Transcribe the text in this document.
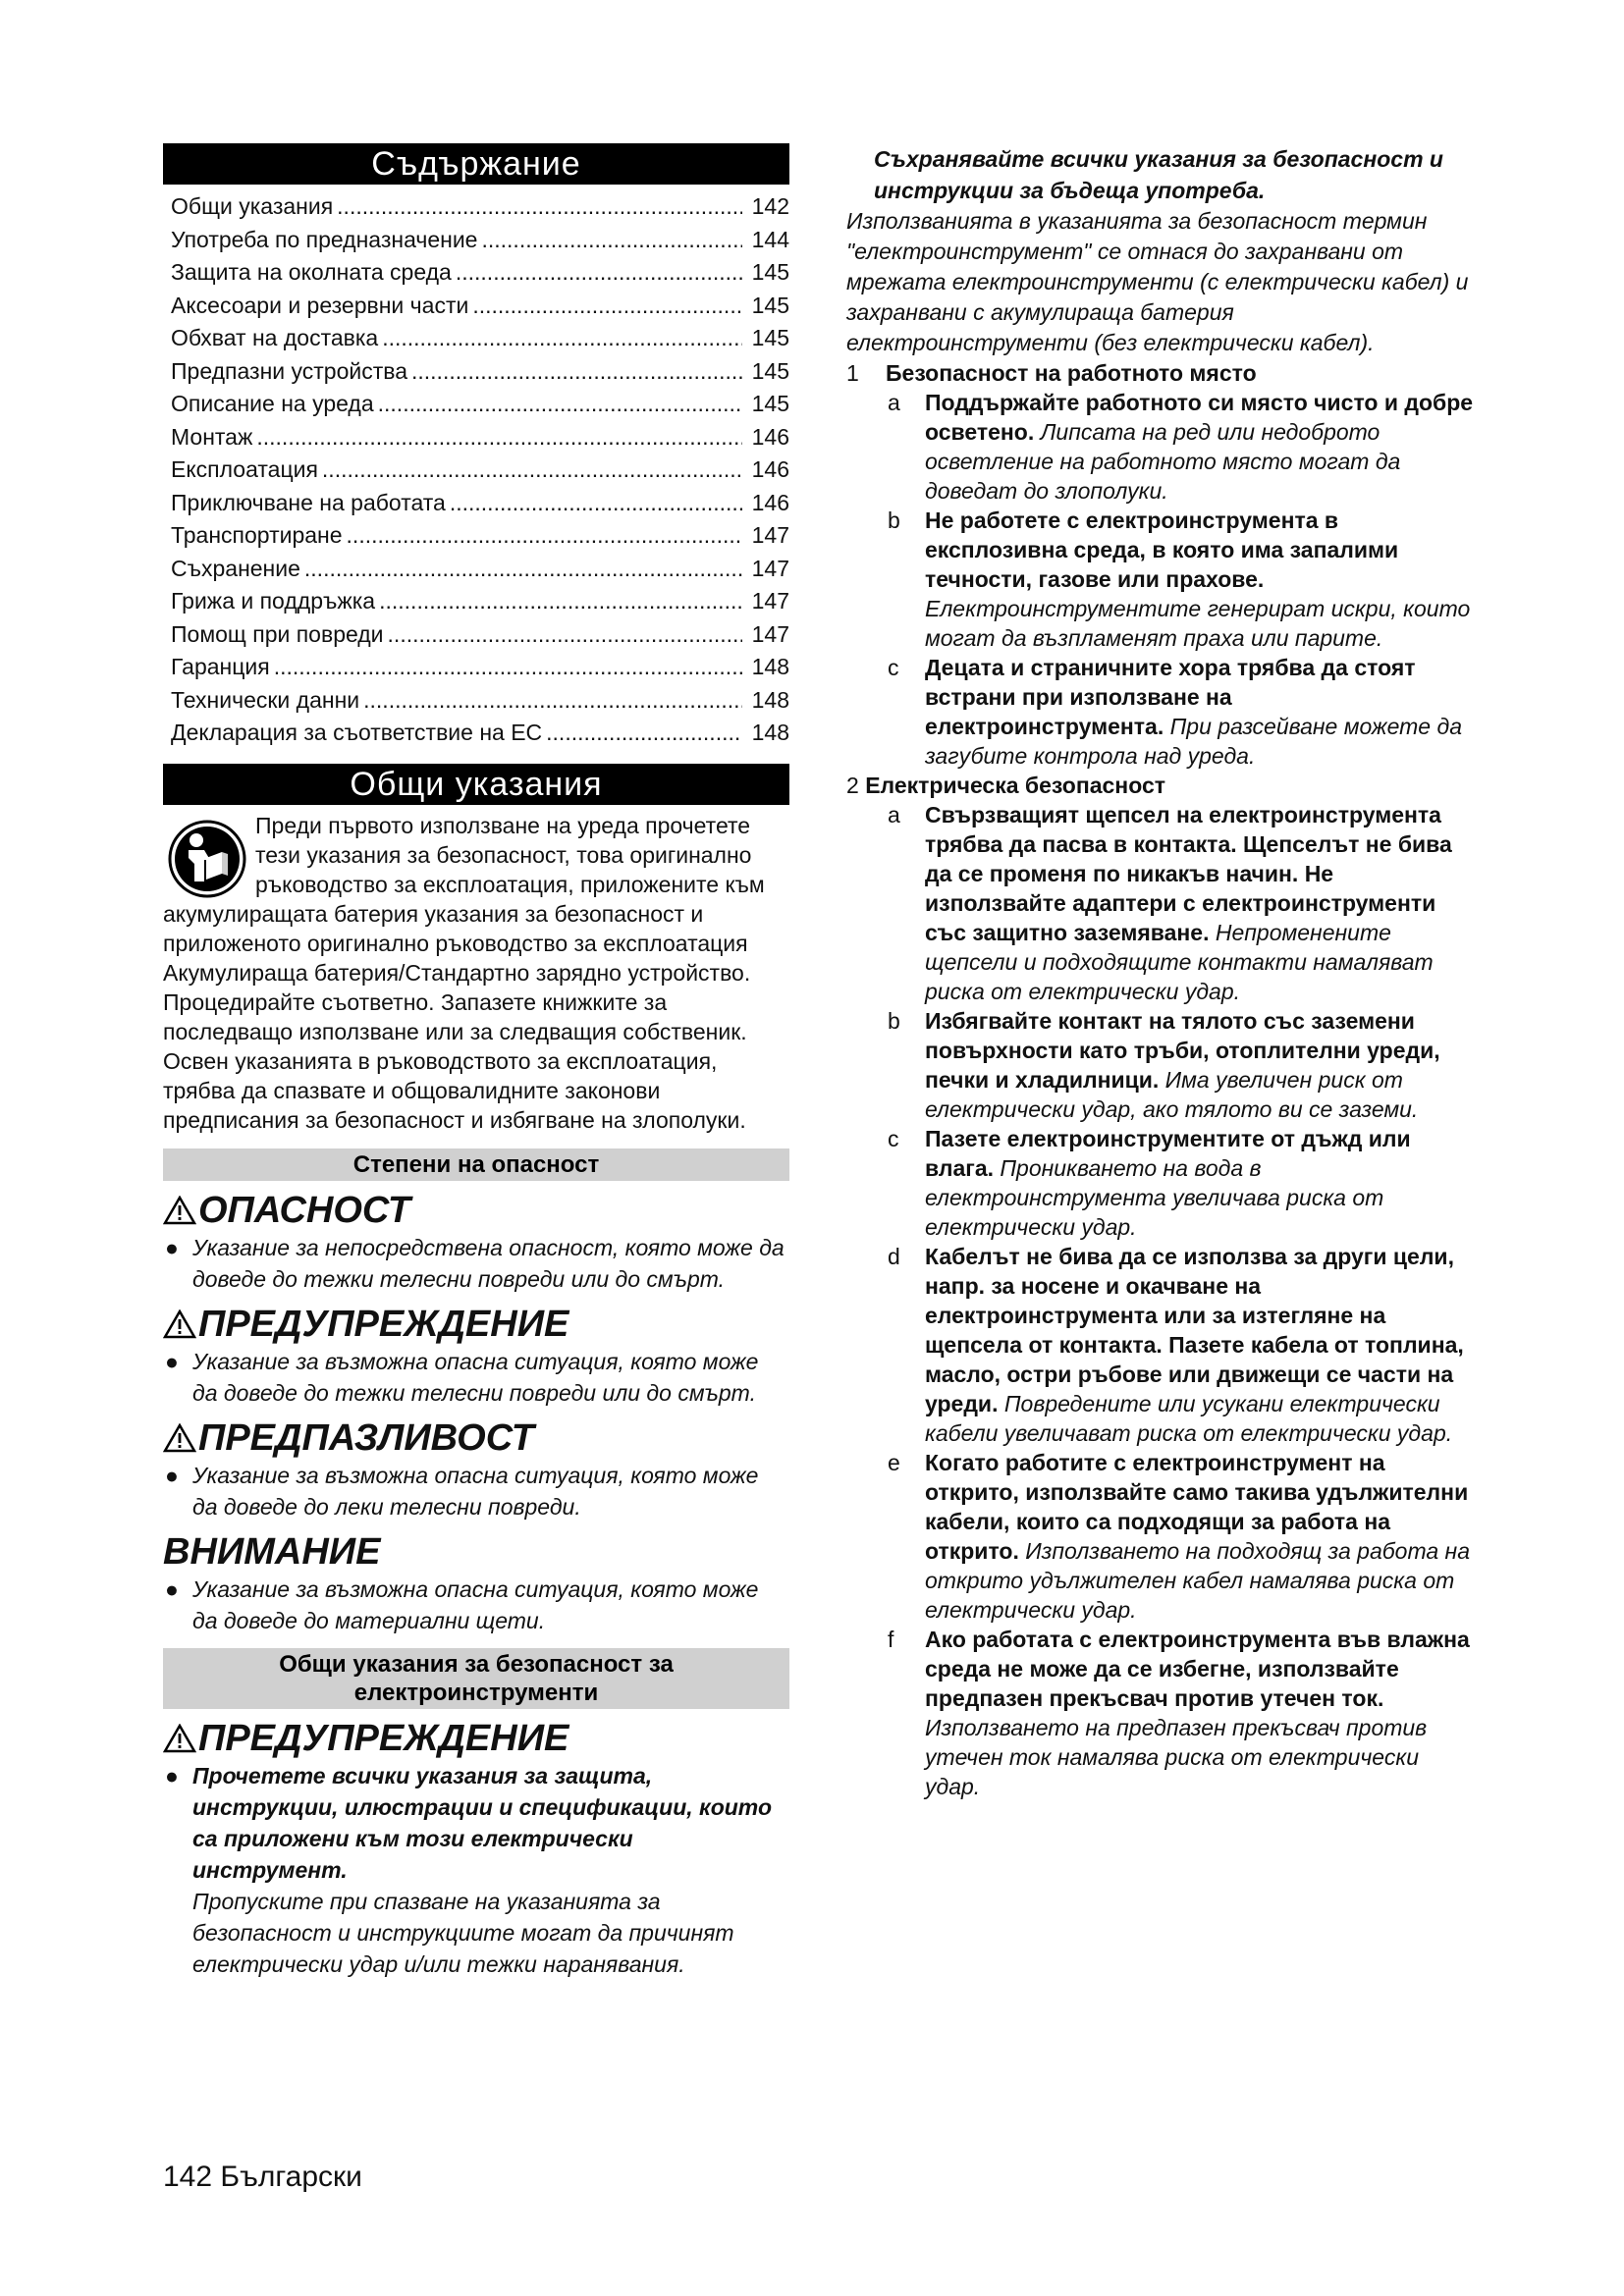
Съдържание
Общи указания .....	142
Употреба по предназначение .....	144
Защита на околната среда .....	145
Аксесоари и резервни части .....	145
Обхват на доставка .....	145
Предпазни устройства .....	145
Описание на уреда .....	145
Монтаж .....	146
Експлоатация .....	146
Приключване на работата .....	146
Транспортиране .....	147
Съхранение .....	147
Грижа и поддръжка .....	147
Помощ при повреди .....	147
Гаранция .....	148
Технически данни .....	148
Декларация за съответствие на ЕС .....	148
Общи указания
Преди първото използване на уреда прочетете тези указания за безопасност, това оригинално ръководство за експлоатация, приложените към
акумулиращата батерия указания за безопасност и приложеното оригинално ръководство за експлоатация Акумулираща батерия/Стандартно зарядно устройство. Процедирайте съответно. Запазете книжките за последващо използване или за следващия собственик.
Освен указанията в ръководството за експлоатация, трябва да спазвате и общовалидните законови предписания за безопасност и избягване на злополуки.
Степени на опасност
ОПАСНОСТ
● Указание за непосредствена опасност, която може да доведе до тежки телесни повреди или до смърт.
ПРЕДУПРЕЖДЕНИЕ
● Указание за възможна опасна ситуация, която може да доведе до тежки телесни повреди или до смърт.
ПРЕДПАЗЛИВОСТ
● Указание за възможна опасна ситуация, която може да доведе до леки телесни повреди.
ВНИМАНИЕ
● Указание за възможна опасна ситуация, която може да доведе до материални щети.
Общи указания за безопасност за електроинструменти
ПРЕДУПРЕЖДЕНИЕ
● Прочетете всички указания за защита, инструкции, илюстрации и спецификации, които са приложени към този електрически инструмент.
Пропуските при спазване на указанията за безопасност и инструкциите могат да причинят електрически удар и/или тежки наранявания.
Съхранявайте всички указания за безопасност и инструкции за бъдеща употреба.
Използванията в указанията за безопасност термин "електроинструмент" се отнася до захранвани от мрежата електроинструменти (с електрически кабел) и захранвани с акумулираща батерия електроинструменти (без електрически кабел).
1	Безопасност на работното място
a	Поддържайте работното си място чисто и добре осветено. Липсата на ред или недоброто осветление на работното място могат да доведат до злополуки.
b	Не работете с електроинструмента в експлозивна среда, в която има запалими течности, газове или прахове. Електроинструментите генерират искри, които могат да възпламенят праха или парите.
c	Децата и страничните хора трябва да стоят встрани при използване на електроинструмента. При разсейване можете да загубите контрола над уреда.
2 Електрическа безопасност
a	Свързващият щепсел на електроинструмента трябва да пасва в контакта. Щепселът не бива да се променя по никакъв начин. Не използвайте адаптери с електроинструменти със защитно заземяване. Непроменените щепсели и подходящите контакти намаляват риска от електрически удар.
b	Избягвайте контакт на тялото със заземени повърхности като тръби, отоплителни уреди, печки и хладилници. Има увеличен риск от електрически удар, ако тялото ви се заземи.
c	Пазете електроинструментите от дъжд или влага. Проникването на вода в електроинструмента увеличава риска от електрически удар.
d	Кабелът не бива да се използва за други цели, напр. за носене и окачване на електроинструмента или за изтегляне на щепсела от контакта. Пазете кабела от топлина, масло, остри ръбове или движещи се части на уреди. Повредените или усукани електрически кабели увеличават риска от електрически удар.
e	Когато работите с електроинструмент на открито, използвайте само такива удължителни кабели, които са подходящи за работа на открито. Използването на подходящ за работа на открито удължителен кабел намалява риска от електрически удар.
f	Ако работата с електроинструмента във влажна среда не може да се избегне, използвайте предпазен прекъсвач против утечен ток. Използването на предпазен прекъсвач против утечен ток намалява риска от електрически удар.
142 Български
